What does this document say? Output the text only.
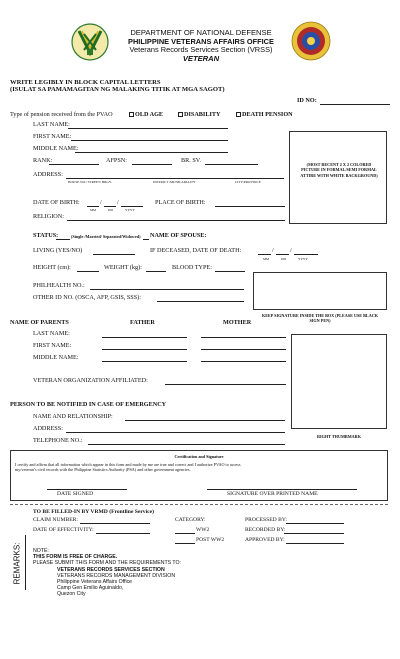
DEPARTMENT OF NATIONAL DEFENSE
PHILIPPINE VETERANS AFFAIRS OFFICE
Veterans Records Services Section (VRSS)
VETERAN
WRITE LEGIBLY IN BLOCK CAPITAL LETTERS
(ISULAT SA PAMAMAGITAN NG MALAKING TITIK AT MGA SAGOT)
ID NO:
Type of pension received from the PVAO	OLD AGE	DISABILITY	DEATH PENSION
LAST NAME:
FIRST NAME:
MIDDLE NAME:
RANK:	AFPSN:	BR. SV.
ADDRESS:
HOUSE NO./ STREET/ BRGY.	DISTRICT /MUNICAPALITY	CITY/PROVINCE
DATE OF BIRTH:	/ /
MM	DD	YYYY
PLACE OF BIRTH:
RELIGION:
(MOST RECENT 2 X 2 COLORED PICTURE IN FORMAL/SEMI FORMAL ATTIRE WITH WHITE BACKGROUND)
STATUS:	(Single /Married/ Separated/Widowed) NAME OF SPOUSE:
LIVING (YES/NO)	IF DECEASED, DATE OF DEATH:	/	/
MM	DD	YYYY
HEIGHT (cm):	WEIGHT (kg):	BLOOD TYPE:
PHILHEALTH NO.:
OTHER ID NO. (OSCA, AFP, GSIS, SSS):
KEEP SIGNATURE INSIDE THE BOX (PLEASE USE BLACK SIGN PEN)
NAME OF PARENTS	FATHER	MOTHER
LAST NAME:
FIRST NAME:
MIDDLE NAME:
VETERAN ORGANIZATION AFFILIATED:
RIGHT THUMBMARK
PERSON TO BE NOTIFIED IN CASE OF EMERGENCY
NAME AND RELATIONSHIP:
ADDRESS:
TELEPHONE NO.:
Certification and Signature
I certify and affirm that all information which appear in this form and made by me are true and correct and I authorize PVAO to access
my/veteran’s civil records with the Philippine Statistics Authority (PSA) and other government agencies.
DATE SIGNED	SIGNATURE OVER PRINTED NAME
TO BE FILLED-IN BY VRMD (Frontline Service)
CLAIM NUMBER:
DATE OF EFFECTIVITY:
CATEGORY:
WW2
POST WW2
PROCESSED BY:
RECORDED BY:
APPROVED BY:
REMARKS: NOTE:
THIS FORM IS FREE OF CHARGE.
PLEASE SUBMIT THIS FORM AND THE REQUIREMENTS TO:
VETERANS RECORDS SERVICES SECTION
VETERANS RECORDS MANAGEMENT DIVISION
Philippine Veterans Affairs Office
Camp Gen Emilio Aguinaldo,
Quezon City
